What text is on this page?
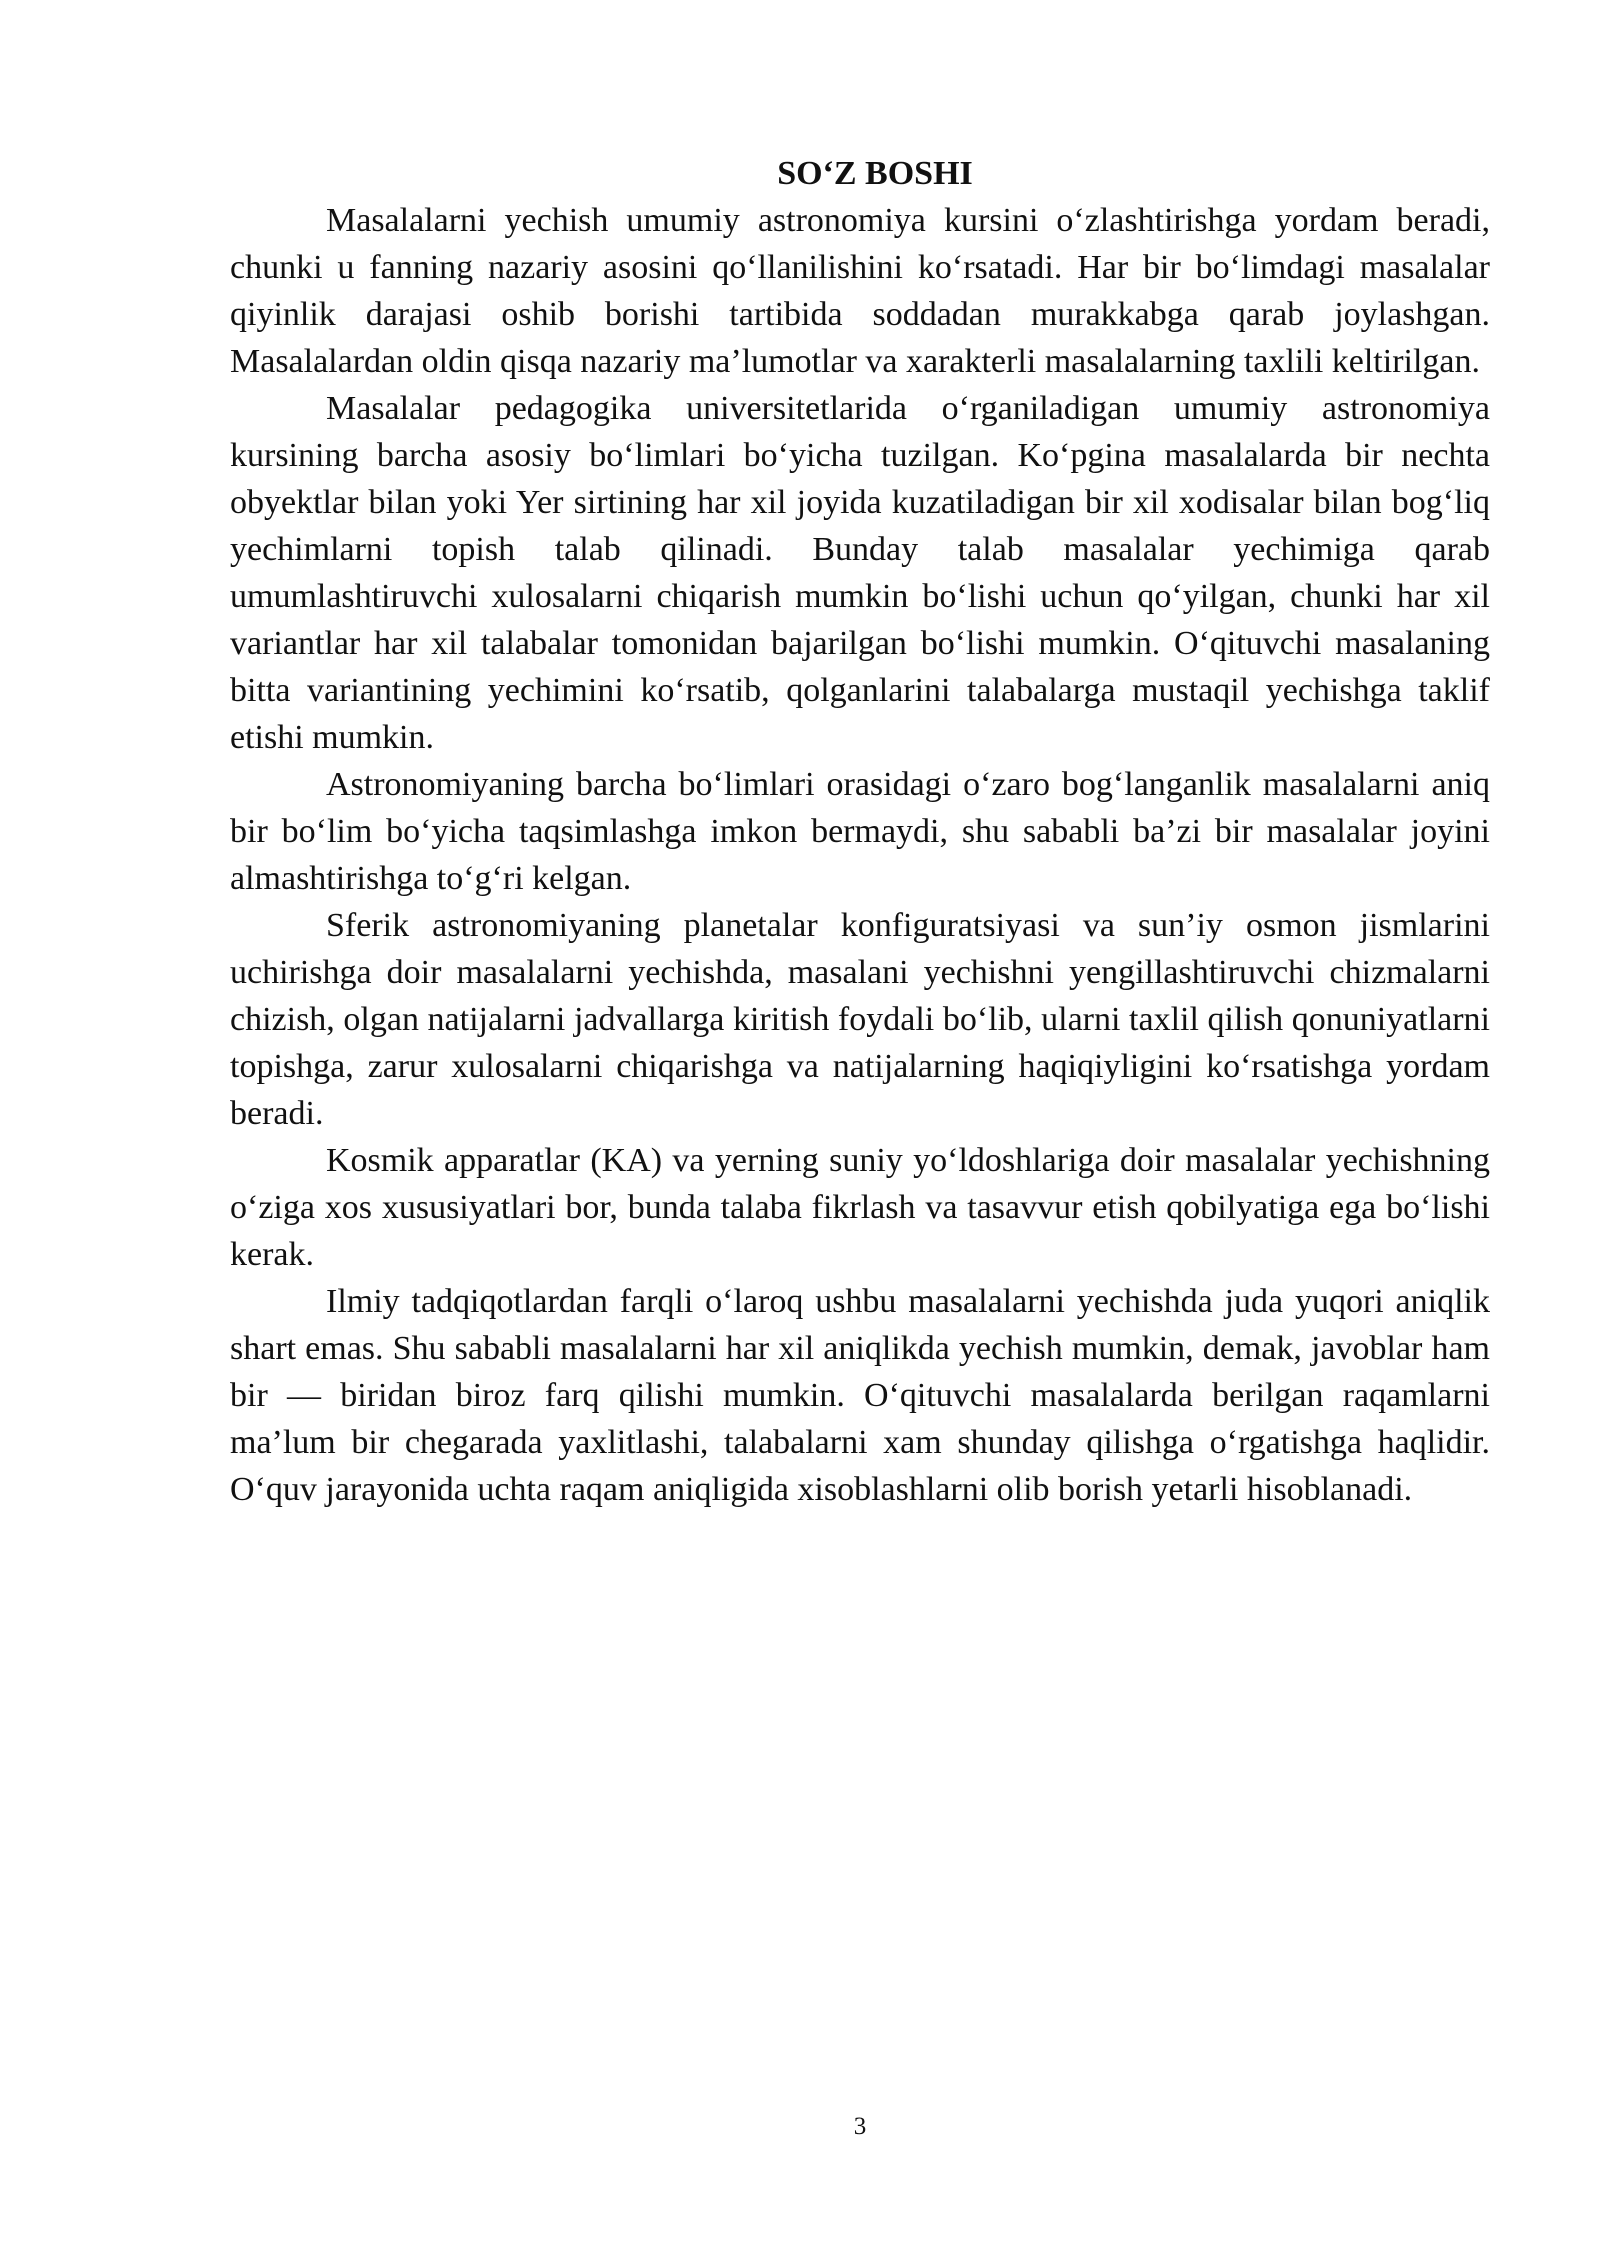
SO‘Z BOSHI

Masalalarni yechish umumiy astronomiya kursini o‘zlashtirishga yordam beradi, chunki u fanning nazariy asosini qo‘llanilishini ko‘rsatadi. Har bir bo‘limdagi masalalar qiyinlik darajasi oshib borishi tartibida soddadan murakkabga qarab joylashgan. Masalalardan oldin qisqa nazariy ma’lumotlar va xarakterli masalalarning taxlili keltirilgan.

Masalalar pedagogika universitetlarida o‘rganiladigan umumiy astronomiya kursining barcha asosiy bo‘limlari bo‘yicha tuzilgan. Ko‘pgina masalalarda bir nechta obyektlar bilan yoki Yer sirtining har xil joyida kuzatiladigan bir xil xodisalar bilan bog‘liq yechimlarni topish talab qilinadi. Bunday talab masalalar yechimiga qarab umumlashtiruvchi xulosalarni chiqarish mumkin bo‘lishi uchun qo‘yilgan, chunki har xil variantlar har xil talabalar tomonidan bajarilgan bo‘lishi mumkin. O‘qituvchi masalaning bitta variantining yechimini ko‘rsatib, qolganlarini talabalarga mustaqil yechishga taklif etishi mumkin.

Astronomiyaning barcha bo‘limlari orasidagi o‘zaro bog‘langanlik masalalarni aniq bir bo‘lim bo‘yicha taqsimlashga imkon bermaydi, shu sababli ba’zi bir masalalar joyini almashtirishga to‘g‘ri kelgan.

Sferik astronomiyaning planetalar konfiguratsiyasi va sun’iy osmon jismlarini uchirishga doir masalalarni yechishda, masalani yechishni yengillashtiruvchi chizmalarni chizish, olgan natijalarni jadvallarga kiritish foydali bo‘lib, ularni taxlil qilish qonuniyatlarni topishga, zarur xulosalarni chiqarishga va natijalarning haqiqiyligini ko‘rsatishga yordam beradi.

Kosmik apparatlar (KA) va yerning suniy yo‘ldoshlariga doir masalalar yechishning o‘ziga xos xususiyatlari bor, bunda talaba fikrlash va tasavvur etish qobilyatiga ega bo‘lishi kerak.

Ilmiy tadqiqotlardan farqli o‘laroq ushbu masalalarni yechishda juda yuqori aniqlik shart emas. Shu sababli masalalarni har xil aniqlikda yechish mumkin, demak, javoblar ham bir — biridan biroz farq qilishi mumkin. O‘qituvchi masalalarda berilgan raqamlarni ma’lum bir chegarada yaxlitlashi, talabalarni xam shunday qilishga o‘rgatishga haqlidir. O‘quv jarayonida uchta raqam aniqligida xisoblashlarni olib borish yetarli hisoblanadi.

3
